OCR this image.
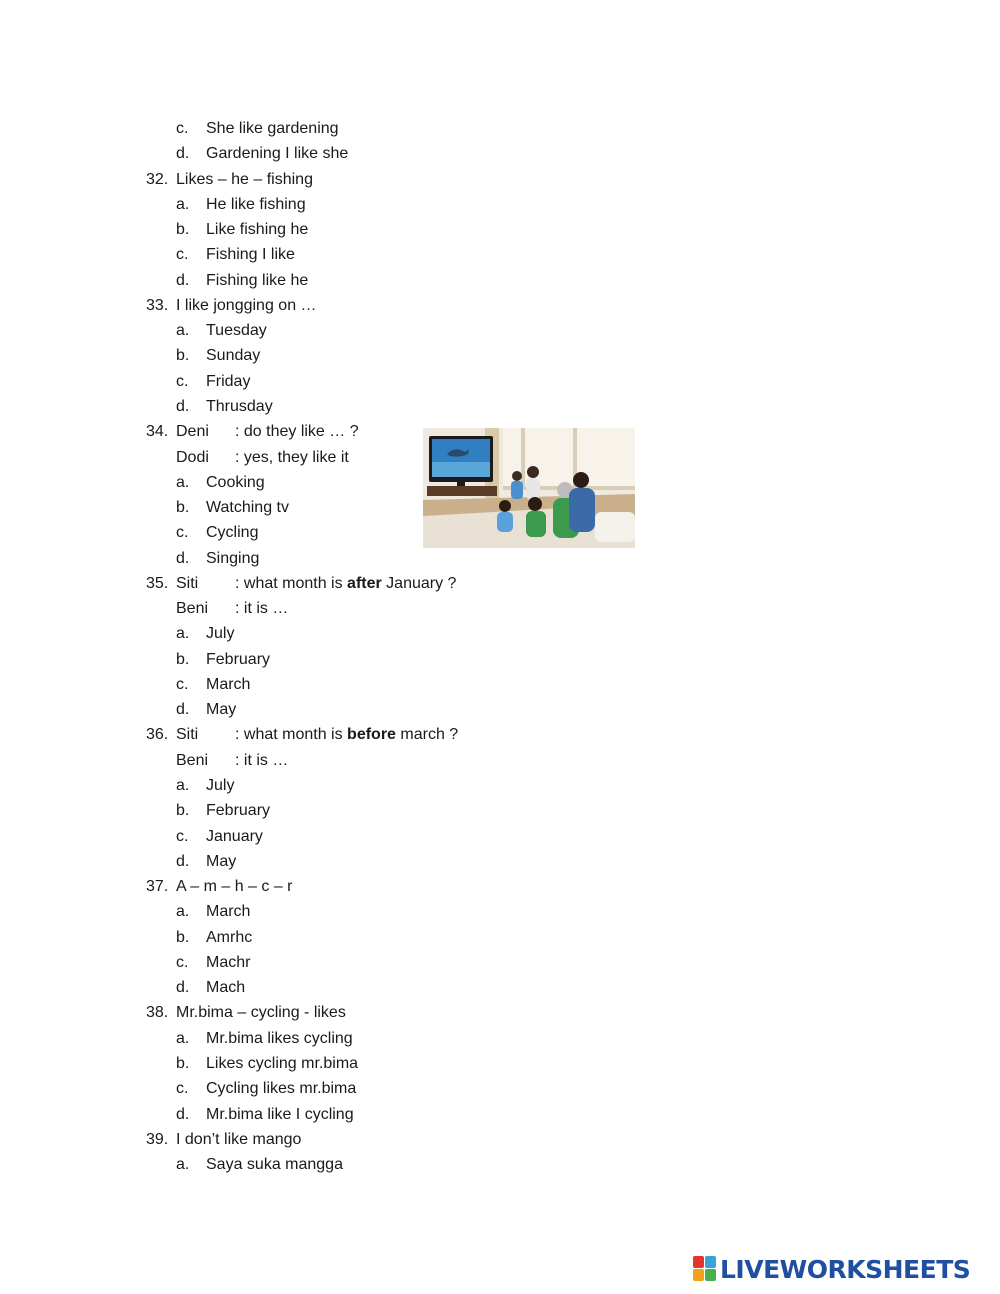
c. She like gardening
d. Gardening I like she
32. Likes – he – fishing
a. He like fishing
b. Like fishing he
c. Fishing I like
d. Fishing like he
33. I like jongging on …
a. Tuesday
b. Sunday
c. Friday
d. Thrusday
34. Deni : do they like … ?
Dodi : yes, they like it
a. Cooking
b. Watching tv
c. Cycling
d. Singing
35. Siti : what month is after January ?
Beni : it is …
a. July
b. February
c. March
d. May
36. Siti : what month is before march ?
Beni : it is …
a. July
b. February
c. January
d. May
37. A – m – h – c – r
a. March
b. Amrhc
c. Machr
d. Mach
38. Mr.bima – cycling - likes
a. Mr.bima likes cycling
b. Likes cycling mr.bima
c. Cycling likes mr.bima
d. Mr.bima like I cycling
39. I don’t like mango
a. Saya suka mangga
LIVEWORKSHEETS
